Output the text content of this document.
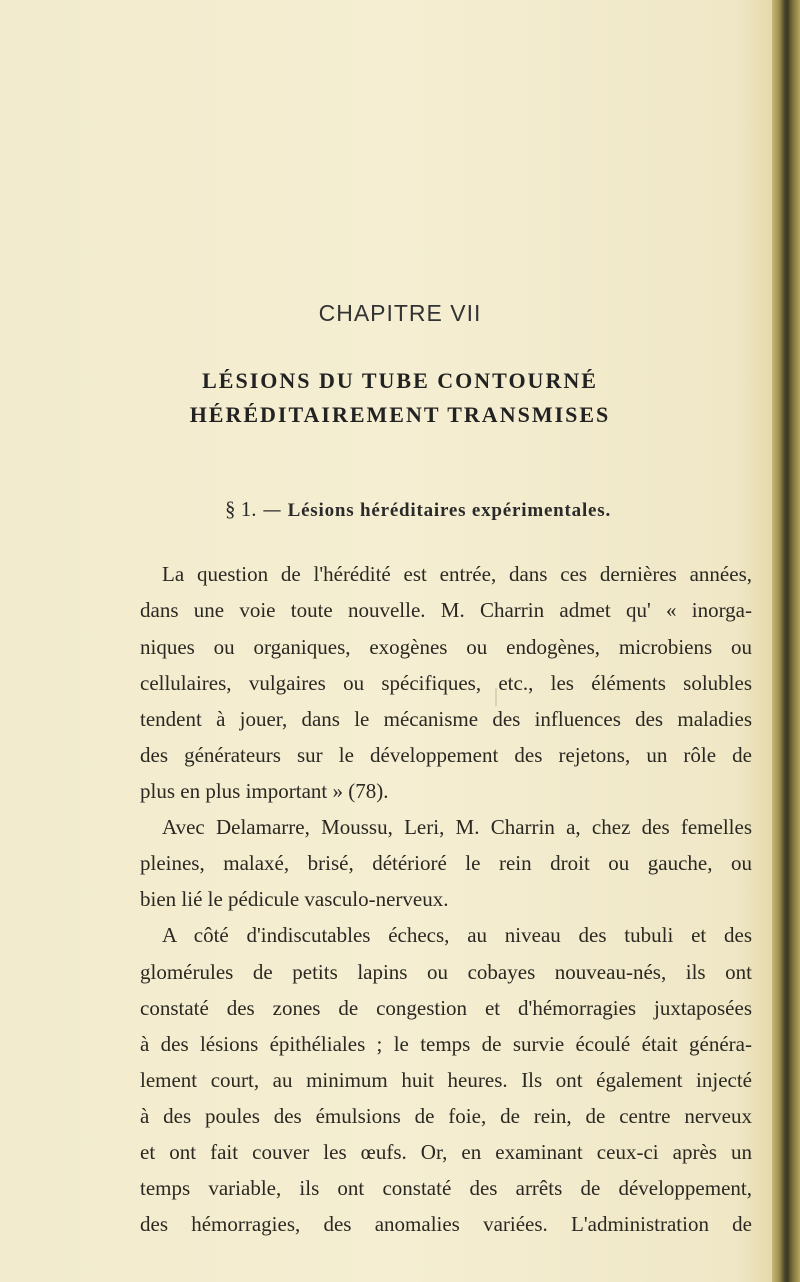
CHAPITRE VII
LÉSIONS DU TUBE CONTOURNÉ
HÉRÉDITAIREMENT TRANSMISES
§ 1. — Lésions héréditaires expérimentales.
La question de l'hérédité est entrée, dans ces dernières années,
dans une voie toute nouvelle. M. Charrin admet qu' « inorga-
niques ou organiques, exogènes ou endogènes, microbiens ou
cellulaires, vulgaires ou spécifiques, etc., les éléments solubles
tendent à jouer, dans le mécanisme des influences des maladies
des générateurs sur le développement des rejetons, un rôle de
plus en plus important » (78).
Avec Delamarre, Moussu, Leri, M. Charrin a, chez des femelles
pleines, malaxé, brisé, détérioré le rein droit ou gauche, ou
bien lié le pédicule vasculo-nerveux.
A côté d'indiscutables échecs, au niveau des tubuli et des
glomérules de petits lapins ou cobayes nouveau-nés, ils ont
constaté des zones de congestion et d'hémorragies juxtaposées
à des lésions épithéliales ; le temps de survie écoulé était généra-
lement court, au minimum huit heures. Ils ont également injecté
à des poules des émulsions de foie, de rein, de centre nerveux
et ont fait couver les œufs. Or, en examinant ceux-ci après un
temps variable, ils ont constaté des arrêts de développement,
des hémorragies, des anomalies variées. L'administration de
